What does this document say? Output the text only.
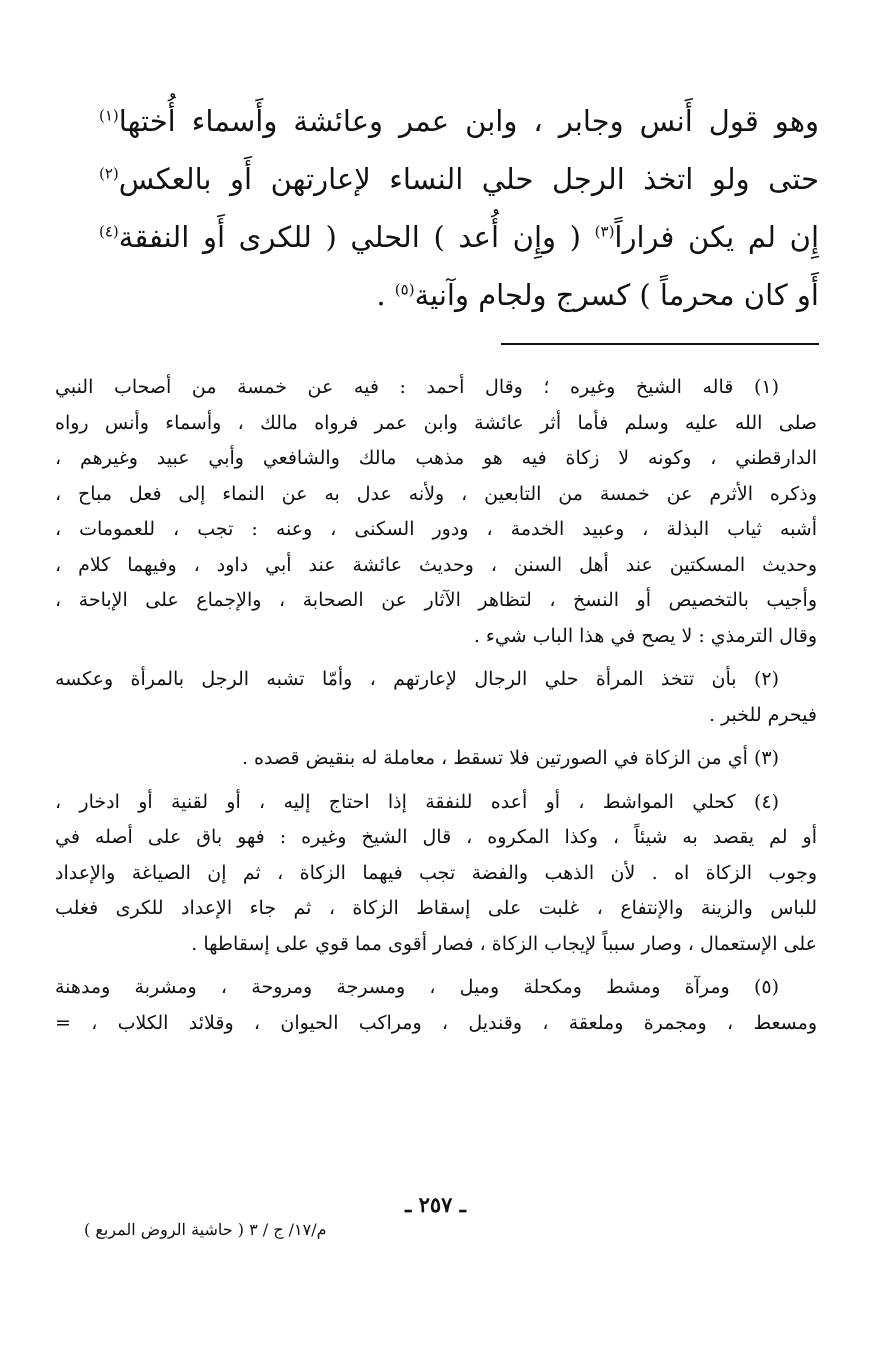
وهو قول أَنس وجابر ، وابن عمر وعائشة وأَسماء أُختها$^{(١)}$
حتى ولو اتخذ الرجل حلي النساء لإعارتهن أَو بالعكس$^{(٢)}$
إِن لم يكن فراراً$^{(٣)}$ ( وإِن أُعد ) الحلي ( للكرى أَو النفقة$^{(٤)}$
أَو كان محرماً ) كسرج ولجام وآنية$^{(٥)}$ .
(١) قاله الشيخ وغيره ؛ وقال أحمد : فيه عن خمسة من أصحاب النبي
صلى الله عليه وسلم فأما أثر عائشة وابن عمر فرواه مالك ، وأسماء وأنس رواه
الدارقطني ، وكونه لا زكاة فيه هو مذهب مالك والشافعي وأبي عبيد وغيرهم ،
وذكره الأثرم عن خمسة من التابعين ، ولأنه عدل به عن النماء إلى فعل مباح ،
أشبه ثياب البذلة ، وعبيد الخدمة ، ودور السكنى ، وعنه : تجب ، للعمومات ،
وحديث المسكتين عند أهل السنن ، وحديث عائشة عند أبي داود ، وفيهما كلام ،
وأجيب بالتخصيص أو النسخ ، لتظاهر الآثار عن الصحابة ، والإجماع على الإباحة ،
وقال الترمذي : لا يصح في هذا الباب شيء .
(٢) بأن تتخذ المرأة حلي الرجال لإعارتهم ، وأمّا تشبه الرجل بالمرأة وعكسه
فيحرم للخبر .
(٣) أي من الزكاة في الصورتين فلا تسقط ، معاملة له بنقيض قصده .
(٤) كحلي المواشط ، أو أعده للنفقة إذا احتاج إليه ، أو لقنية أو ادخار ،
أو لم يقصد به شيئاً ، وكذا المكروه ، قال الشيخ وغيره : فهو باق على أصله في
وجوب الزكاة اه . لأن الذهب والفضة تجب فيهما الزكاة ، ثم إن الصياغة والإعداد
للباس والزينة والإنتفاع ، غلبت على إسقاط الزكاة ، ثم جاء الإعداد للكرى فغلب
على الإستعمال ، وصار سبباً لإيجاب الزكاة ، فصار أقوى مما قوي على إسقاطها .
(٥) ومرآة ومشط ومكحلة وميل ، ومسرجة ومروحة ، ومشربة ومدهنة
ومسعط ، ومجمرة وملعقة ، وقنديل ، ومراكب الحيوان ، وقلائد الكلاب ، =
ـ ٢٥٧ ـ
م/١٧/ ج / ٣ ( حاشية الروض المربع )
